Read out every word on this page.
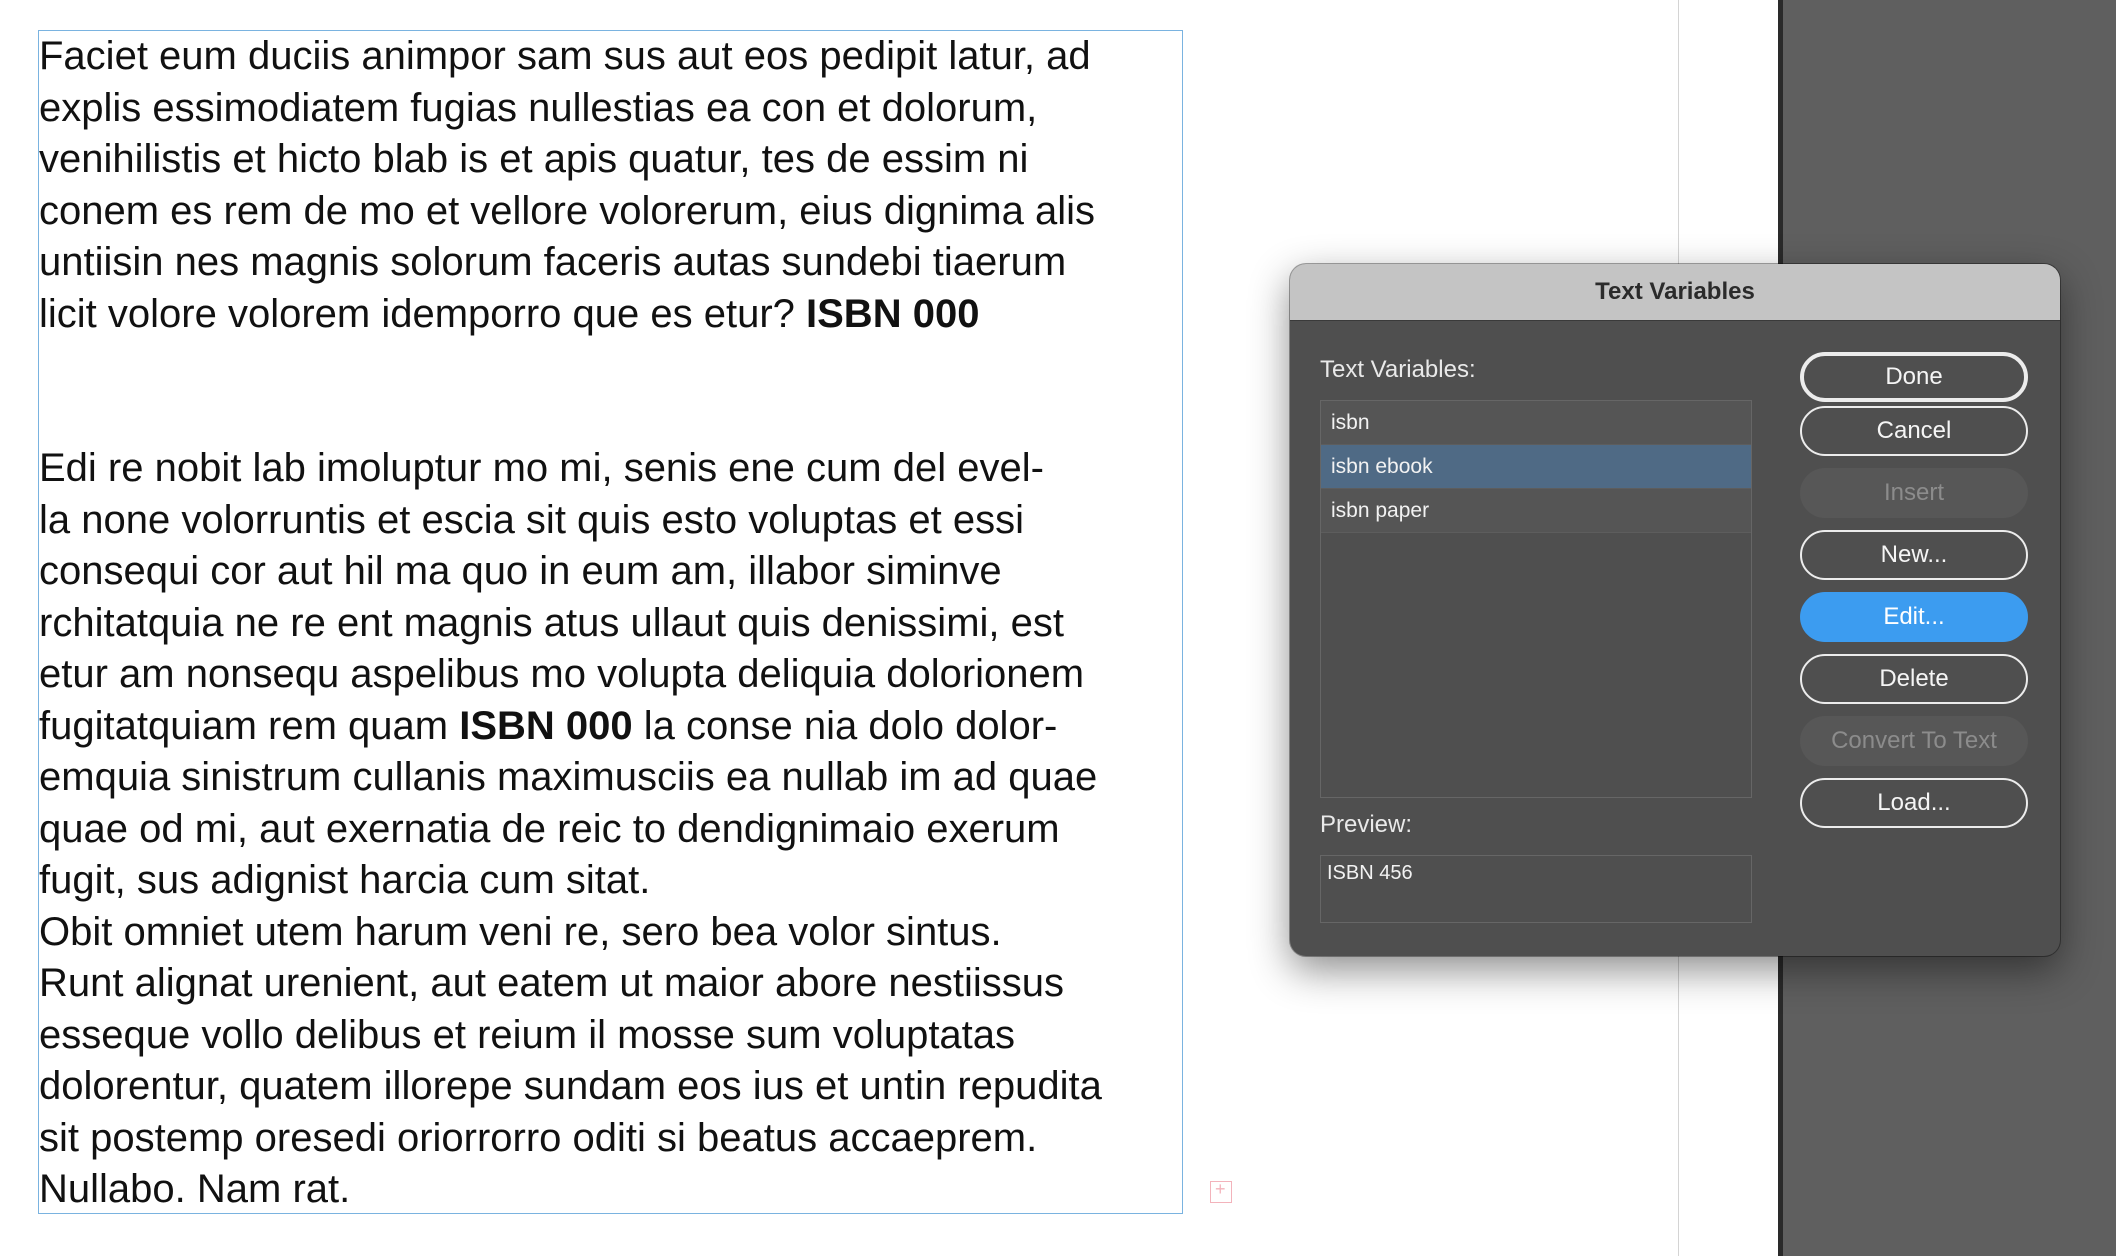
Faciet eum duciis animpor sam sus aut eos pedipit latur, ad
explis essimodiatem fugias nullestias ea con et dolorum,
venihilistis et hicto blab is et apis quatur, tes de essim ni
conem es rem de mo et vellore volorerum, eius dignima alis
untiisin nes magnis solorum faceris autas sundebi tiaerum
licit volore volorem idemporro que es etur? ISBN 000
Edi re nobit lab imoluptur mo mi, senis ene cum del evel-
la none volorruntis et escia sit quis esto voluptas et essi
consequi cor aut hil ma quo in eum am, illabor siminve
rchitatquia ne re ent magnis atus ullaut quis denissimi, est
etur am nonsequ aspelibus mo volupta deliquia dolorionem
fugitatquiam rem quam ISBN 000 la conse nia dolo dolor-
emquia sinistrum cullanis maximusciis ea nullab im ad quae
quae od mi, aut exernatia de reic to dendignimaio exerum
fugit, sus adignist harcia cum sitat.
Obit omniet utem harum veni re, sero bea volor sintus.
Runt alignat urenient, aut eatem ut maior abore nestiissus
esseque vollo delibus et reium il mosse sum voluptatas
dolorentur, quatem illorepe sundam eos ius et untin repudita
sit postemp oresedi oriorrorro oditi si beatus accaeprem.
Nullabo. Nam rat.
+
Text Variables
Text Variables:
isbn
isbn ebook
isbn paper
Preview:
ISBN 456
Done
Cancel
Insert
New...
Edit...
Delete
Convert To Text
Load...
